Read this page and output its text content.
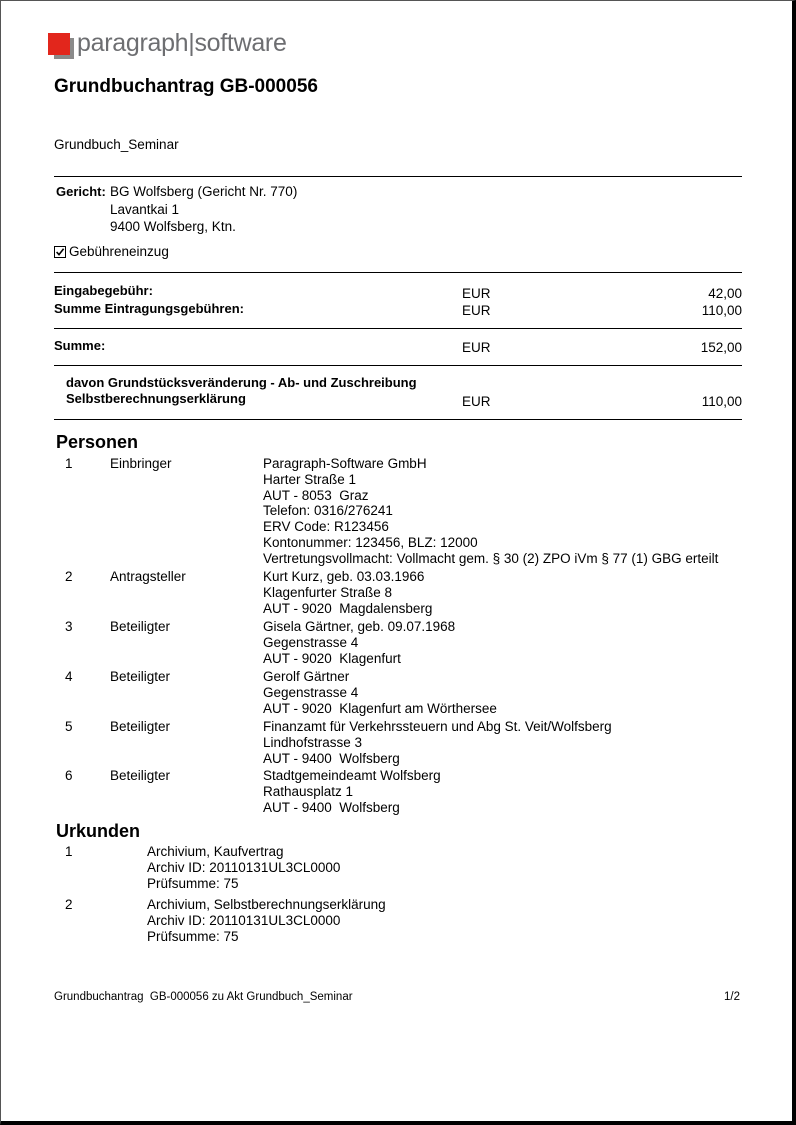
paragraph|software
Grundbuchantrag GB-000056
Grundbuch_Seminar
Gericht: BG Wolfsberg (Gericht Nr. 770)
Lavantkai 1
9400 Wolfsberg, Ktn.
Gebühreneinzug
Eingabegebühr:	EUR	42,00
Summe Eintragungsgebühren:	EUR	110,00
Summe:	EUR	152,00
davon Grundstücksveränderung - Ab- und Zuschreibung
Selbstberechnungserklärung	EUR	110,00
Personen
1	Einbringer	Paragraph-Software GmbH
Harter Straße 1
AUT - 8053  Graz
Telefon: 0316/276241
ERV Code: R123456
Kontonummer: 123456, BLZ: 12000
Vertretungsvollmacht: Vollmacht gem. § 30 (2) ZPO iVm § 77 (1) GBG erteilt
2	Antragsteller	Kurt Kurz, geb. 03.03.1966
Klagenfurter Straße 8
AUT - 9020  Magdalensberg
3	Beteiligter	Gisela Gärtner, geb. 09.07.1968
Gegenstrasse 4
AUT - 9020  Klagenfurt
4	Beteiligter	Gerolf Gärtner
Gegenstrasse 4
AUT - 9020  Klagenfurt am Wörthersee
5	Beteiligter	Finanzamt für Verkehrssteuern und Abg St. Veit/Wolfsberg
Lindhofstrasse 3
AUT - 9400  Wolfsberg
6	Beteiligter	Stadtgemeindeamt Wolfsberg
Rathausplatz 1
AUT - 9400  Wolfsberg
Urkunden
1	Archivium, Kaufvertrag
Archiv ID: 20110131UL3CL0000
Prüfsumme: 75
2	Archivium, Selbstberechnungserklärung
Archiv ID: 20110131UL3CL0000
Prüfsumme: 75
Grundbuchantrag  GB-000056 zu Akt Grundbuch_Seminar	1/2
